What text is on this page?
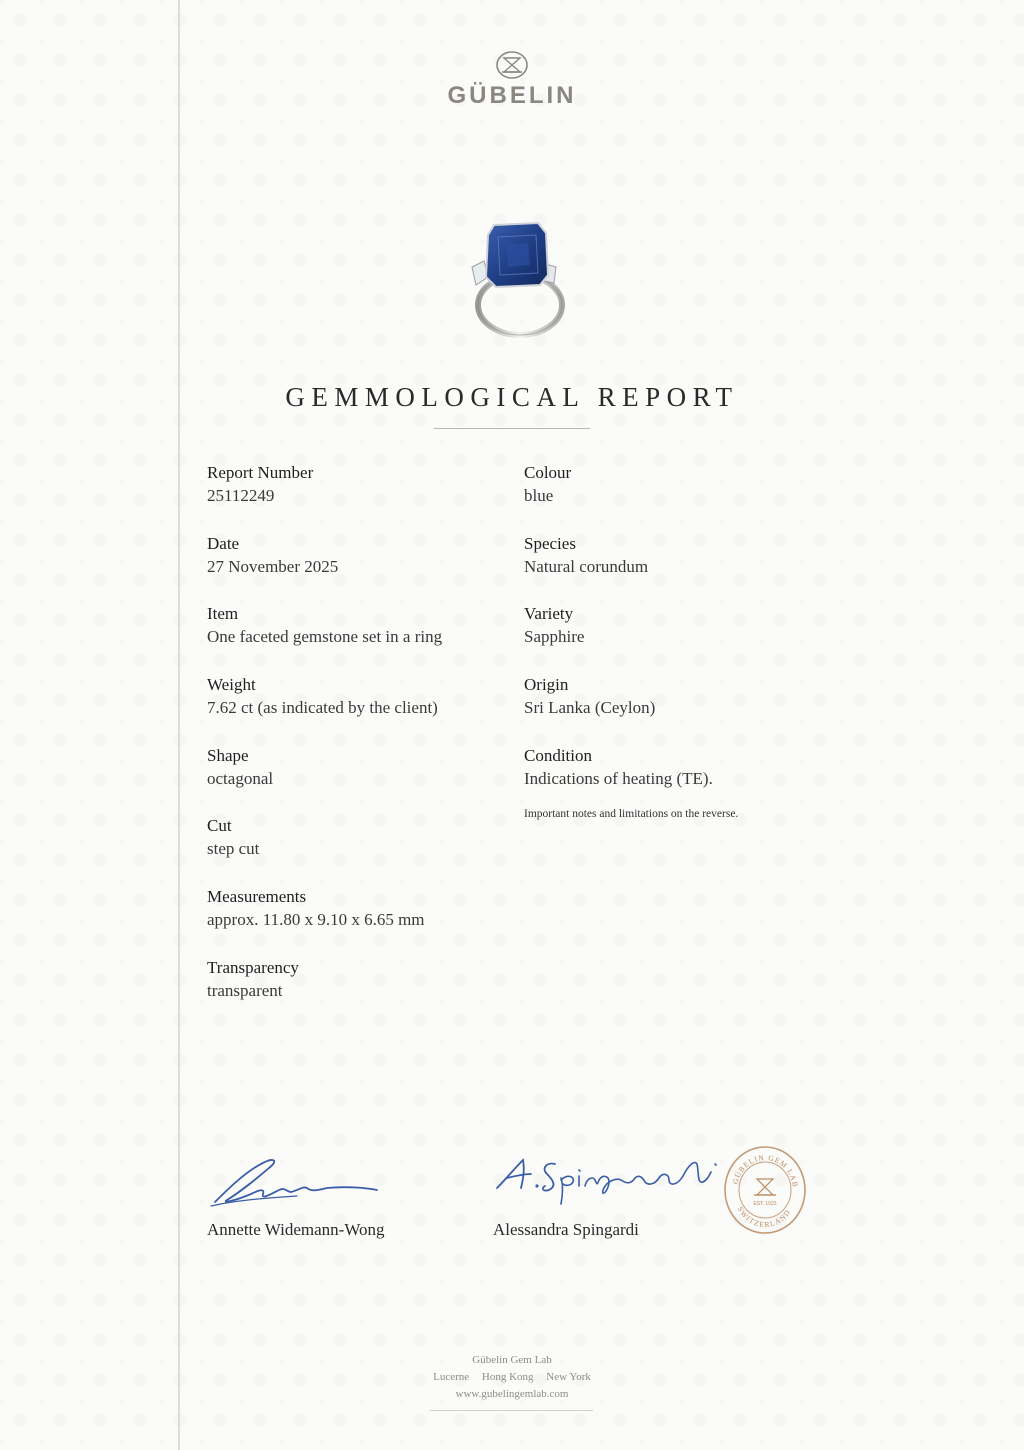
GÜBELIN
GEMMOLOGICAL REPORT
Report Number
25112249
Date
27 November 2025
Item
One faceted gemstone set in a ring
Weight
7.62 ct (as indicated by the client)
Shape
octagonal
Cut
step cut
Measurements
approx. 11.80 x 9.10 x 6.65 mm
Transparency
transparent
Colour
blue
Species
Natural corundum
Variety
Sapphire
Origin
Sri Lanka (Ceylon)
Condition
Indications of heating (TE).
Important notes and limitations on the reverse.
GÜBELIN GEM LAB
SWITZERLAND
EST. 1923
Annette Widemann-Wong	Alessandra Spingardi
Gübelin Gem Lab
Lucerne Hong Kong New York
www.gubelingemlab.com
